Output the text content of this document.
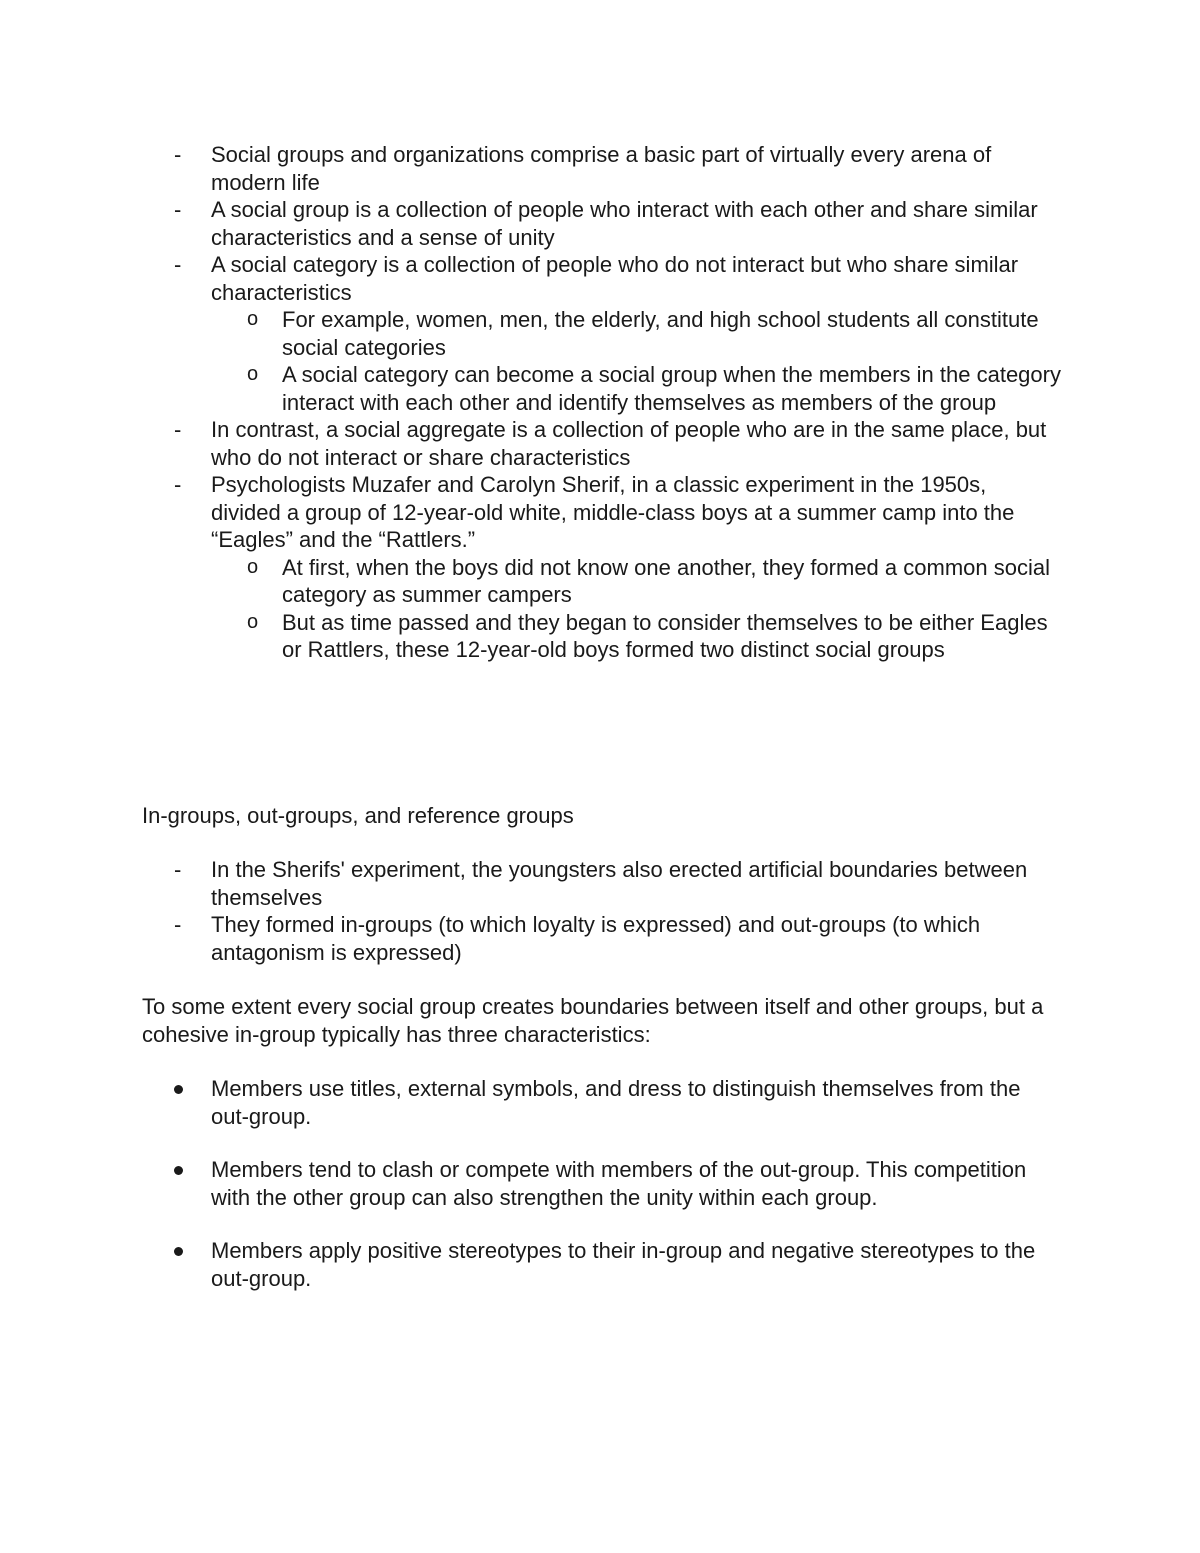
- Social groups and organizations comprise a basic part of virtually every arena of modern life
- A social group is a collection of people who interact with each other and share similar characteristics and a sense of unity
- A social category is a collection of people who do not interact but who share similar characteristics
o For example, women, men, the elderly, and high school students all constitute social categories
o A social category can become a social group when the members in the category interact with each other and identify themselves as members of the group
- In contrast, a social aggregate is a collection of people who are in the same place, but who do not interact or share characteristics
- Psychologists Muzafer and Carolyn Sherif, in a classic experiment in the 1950s, divided a group of 12-year-old white, middle-class boys at a summer camp into the “Eagles” and the “Rattlers.”
o At first, when the boys did not know one another, they formed a common social category as summer campers
o But as time passed and they began to consider themselves to be either Eagles or Rattlers, these 12-year-old boys formed two distinct social groups
In-groups, out-groups, and reference groups
- In the Sherifs' experiment, the youngsters also erected artificial boundaries between themselves
- They formed in-groups (to which loyalty is expressed) and out-groups (to which antagonism is expressed)

To some extent every social group creates boundaries between itself and other groups, but a cohesive in-group typically has three characteristics:

Members use titles, external symbols, and dress to distinguish themselves from the out-group.
Members tend to clash or compete with members of the out-group. This competition with the other group can also strengthen the unity within each group.
Members apply positive stereotypes to their in-group and negative stereotypes to the out-group.
